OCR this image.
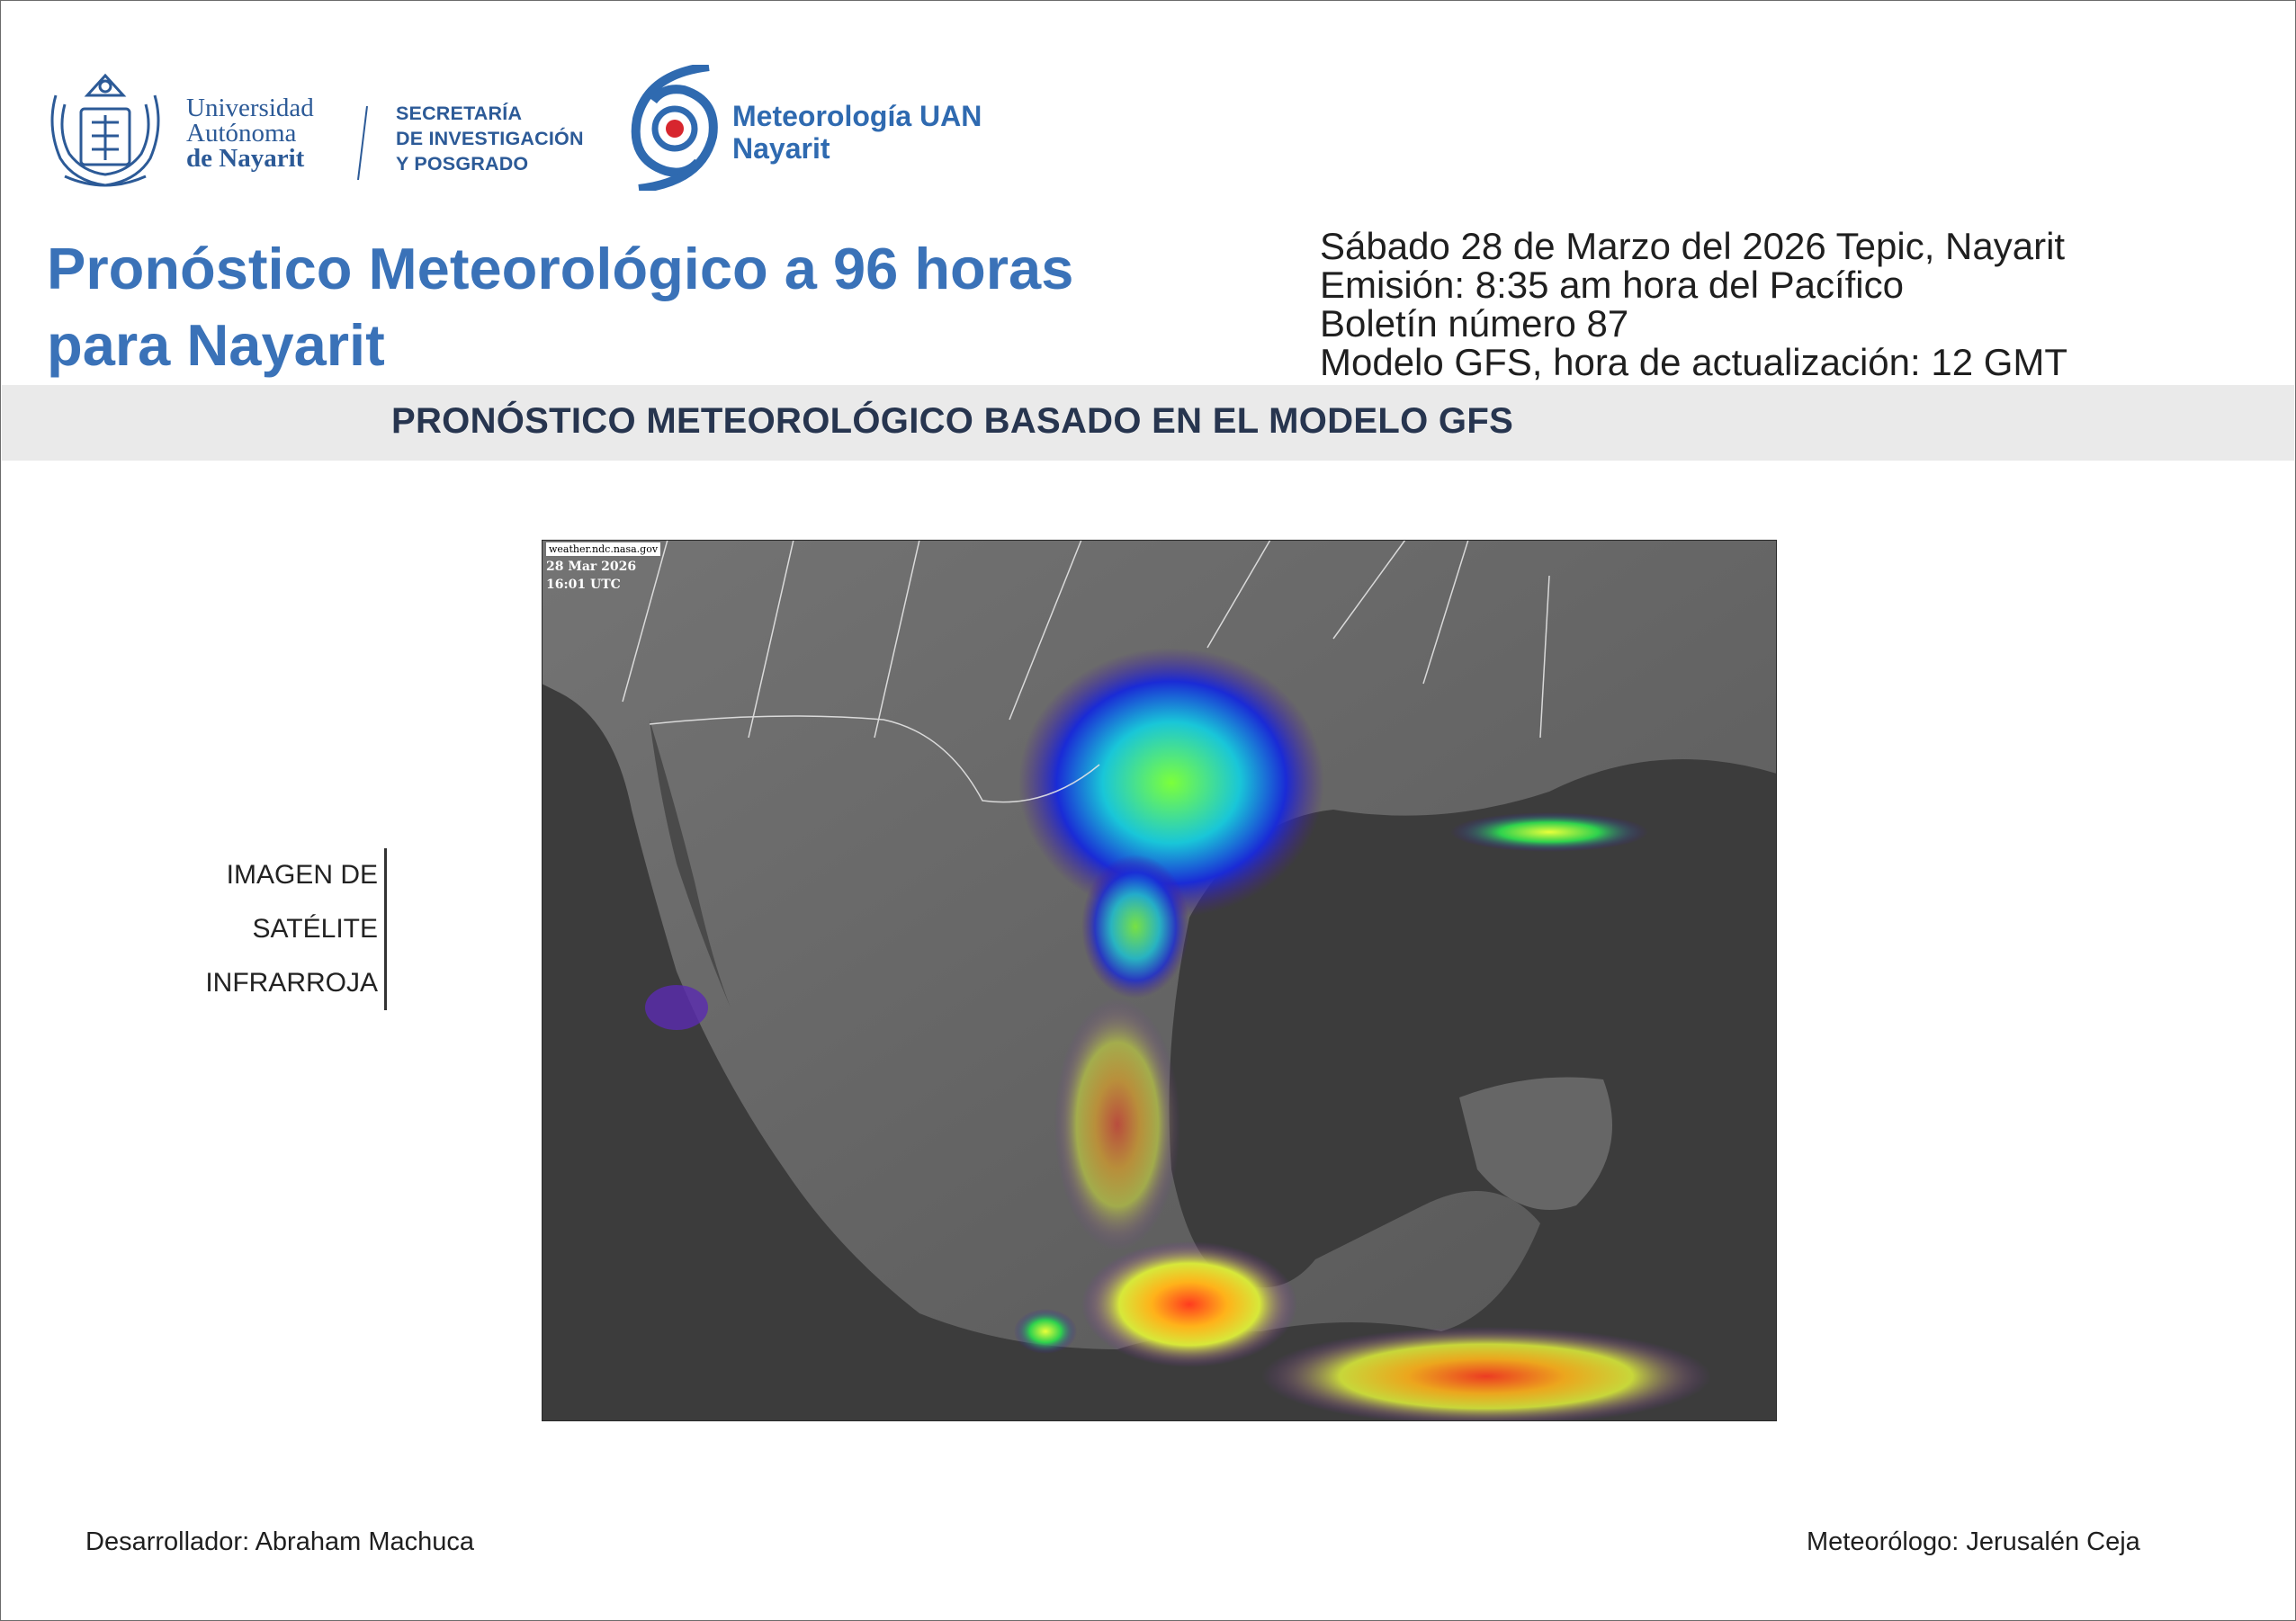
Universidad
Autónoma
de Nayarit
SECRETARÍA
DE INVESTIGACIÓN
Y POSGRADO
Meteorología UAN
Nayarit
Pronóstico Meteorológico a 96 horas
para Nayarit
Sábado 28 de Marzo del 2026 Tepic, Nayarit
Emisión: 8:35 am hora del Pacífico
Boletín número 87
Modelo GFS, hora de actualización: 12 GMT
PRONÓSTICO METEOROLÓGICO BASADO EN EL MODELO GFS
IMAGEN DE
SATÉLITE
INFRARROJA
weather.ndc.nasa.gov
28 Mar 2026
16:01 UTC
Desarrollador: Abraham Machuca	Meteorólogo: Jerusalén Ceja
